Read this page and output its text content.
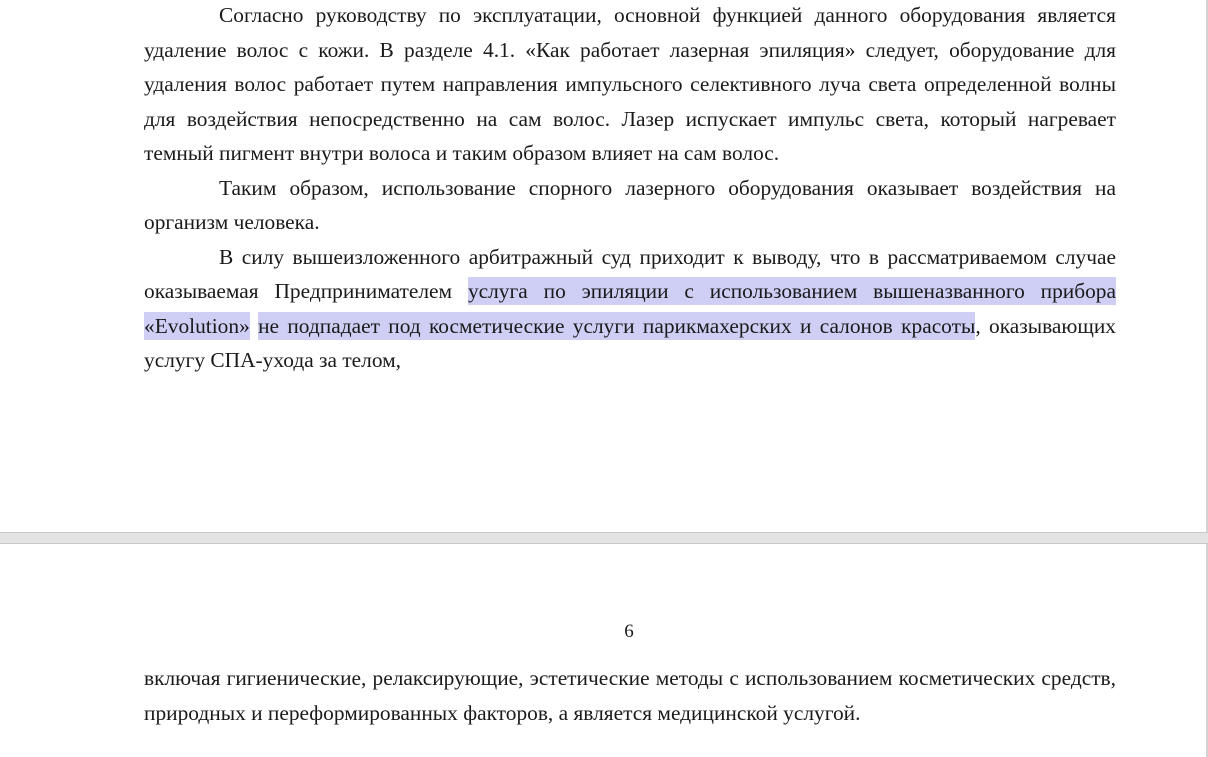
Согласно руководству по эксплуатации, основной функцией данного оборудования является удаление волос с кожи. В разделе 4.1. «Как работает лазерная эпиляция» следует, оборудование для удаления волос работает путем направления импульсного селективного луча света определенной волны для воздействия непосредственно на сам волос. Лазер испускает импульс света, который нагревает темный пигмент внутри волоса и таким образом влияет на сам волос.

Таким образом, использование спорного лазерного оборудования оказывает воздействия на организм человека.

В силу вышеизложенного арбитражный суд приходит к выводу, что в рассматриваемом случае оказываемая Предпринимателем услуга по эпиляции с использованием вышеназванного прибора «Evolution» не подпадает под косметические услуги парикмахерских и салонов красоты, оказывающих услугу СПА-ухода за телом,

6

включая гигиенические, релаксирующие, эстетические методы с использованием косметических средств, природных и переформированных факторов, а является медицинской услугой.
